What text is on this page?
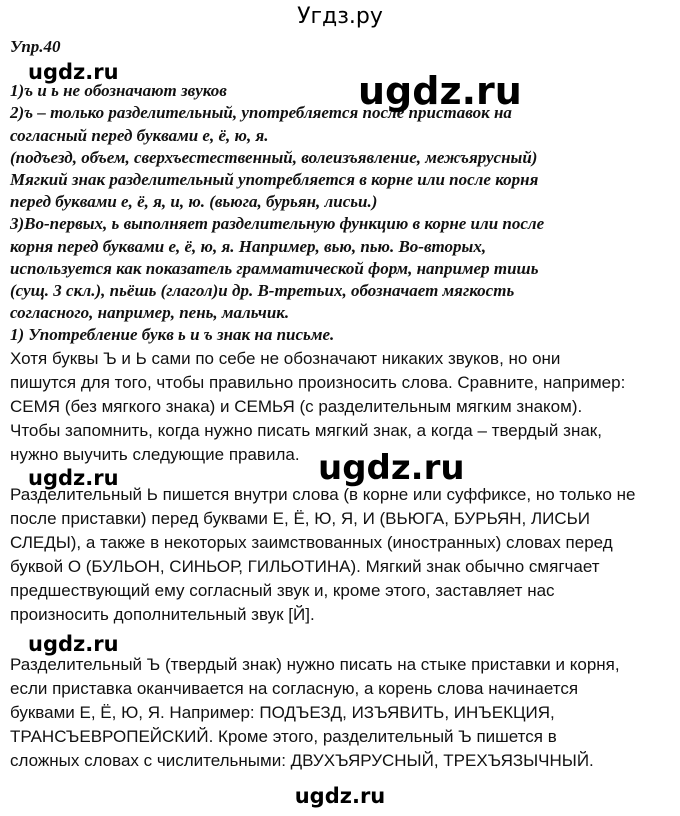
Угдз.ру

Упр.40

1)ъ и ь не обозначают звуков

2)ъ – только разделительный, употребляется после приставок на

согласный перед буквами е, ё, ю, я.

(подъезд, объем, сверхъестественный, волеизъявление, межъярусный)

Мягкий знак разделительный употребляется в корне или после корня

перед буквами е, ё, я, и, ю. (вьюга, бурьян, лисьи.)

3)Во-первых, ь выполняет разделительную функцию в корне или после

корня перед буквами е, ё, ю, я. Например, вью, пью. Во-вторых,

используется как показатель грамматической форм, например тишь

(сущ. 3 скл.), пьёшь (глагол)и др. В-третьих, обозначает мягкость

согласного, например, пень, мальчик.

1) Употребление букв ь и ъ знак на письме.

Хотя буквы Ъ и Ь сами по себе не обозначают никаких звуков, но они

пишутся для того, чтобы правильно произносить слова. Сравните, например:

СЕМЯ (без мягкого знака) и СЕМЬЯ (с разделительным мягким знаком).

Чтобы запомнить, когда нужно писать мягкий знак, а когда – твердый знак,

нужно выучить следующие правила.

Разделительный Ь пишется внутри слова (в корне или суффиксе, но только не

после приставки) перед буквами Е, Ё, Ю, Я, И (ВЬЮГА, БУРЬЯН, ЛИСЬИ

СЛЕДЫ), а также в некоторых заимствованных (иностранных) словах перед

буквой О (БУЛЬОН, СИНЬОР, ГИЛЬОТИНА). Мягкий знак обычно смягчает

предшествующий ему согласный звук и, кроме этого, заставляет нас

произносить дополнительный звук [Й].

Разделительный Ъ (твердый знак) нужно писать на стыке приставки и корня,

если приставка оканчивается на согласную, а корень слова начинается

буквами Е, Ё, Ю, Я. Например: ПОДЪЕЗД, ИЗЪЯВИТЬ, ИНЪЕКЦИЯ,

ТРАНСЪЕВРОПЕЙСКИЙ. Кроме этого, разделительный Ъ пишется в

сложных словах с числительными: ДВУХЪЯРУСНЫЙ, ТРЕХЪЯЗЫЧНЫЙ.

ugdz.ru	ugdz.ru
ugdz.ru
ugdz.ru
ugdz.ru
ugdz.ru
